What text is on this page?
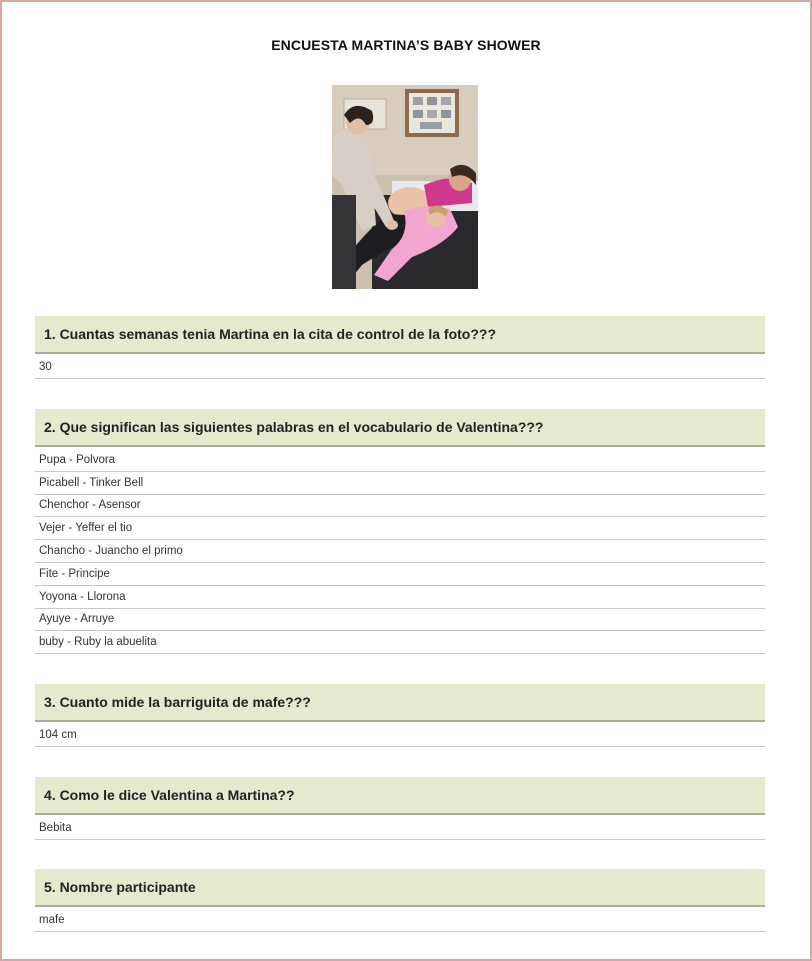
ENCUESTA MARTINA’S BABY SHOWER
1. Cuantas semanas tenia Martina en la cita de control de la foto???
30
2. Que significan las siguientes palabras en el vocabulario de Valentina???
Pupa - Polvora
Picabell - Tinker Bell
Chenchor - Asensor
Vejer - Yeffer el tio
Chancho - Juancho el primo
Fite - Principe
Yoyona - Llorona
Ayuye - Arruye
buby - Ruby la abuelita
3. Cuanto mide la barriguita de mafe???
104 cm
4. Como le dice Valentina a Martina??
Bebita
5. Nombre participante
mafe
